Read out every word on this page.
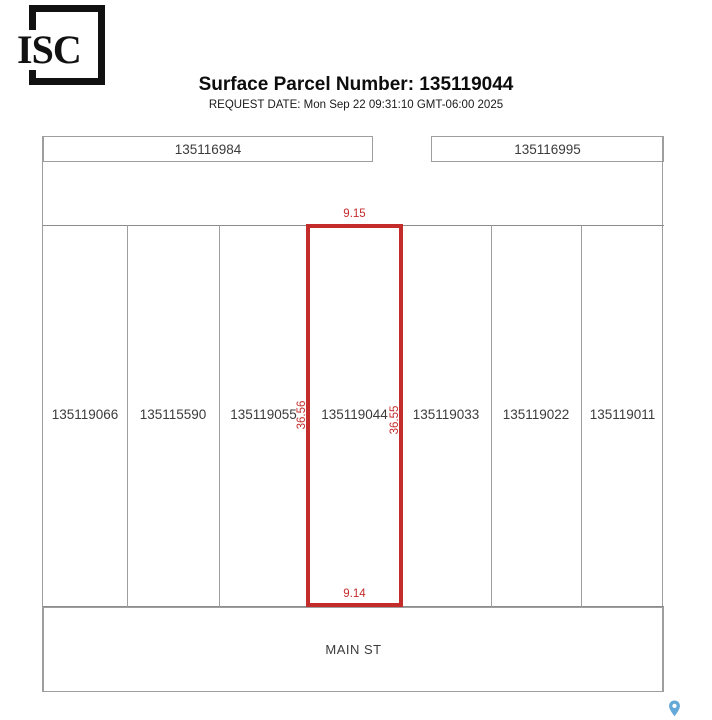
ISC
Surface Parcel Number: 135119044
REQUEST DATE: Mon Sep 22 09:31:10 GMT-06:00 2025
135116984	135116995
135119066	135115590	135119055	135119044	135119033	135119022	135119011
9.15
9.14
36.56	36.55
MAIN ST
